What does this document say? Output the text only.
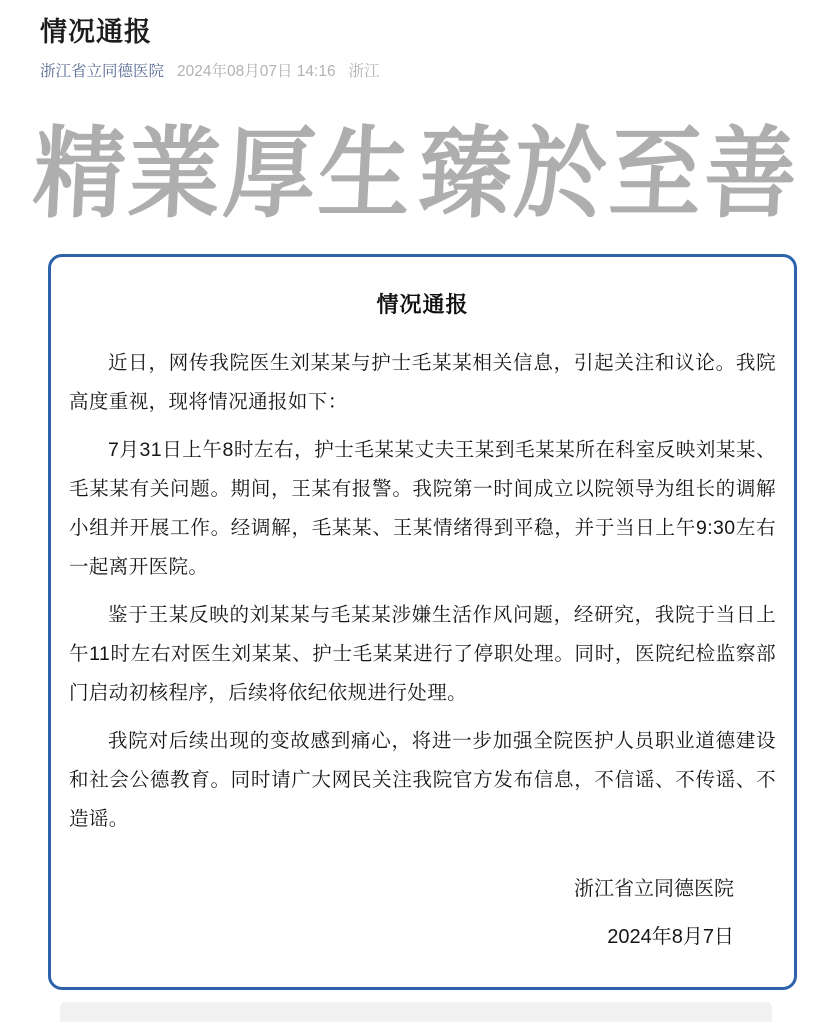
情况通报
浙江省立同德医院 2024年08月07日 14:16 浙江
精業厚生 臻於至善
情况通报

近日，网传我院医生刘某某与护士毛某某相关信息，引起关注和议论。我院高度重视，现将情况通报如下：

7月31日上午8时左右，护士毛某某丈夫王某到毛某某所在科室反映刘某某、毛某某有关问题。期间，王某有报警。我院第一时间成立以院领导为组长的调解小组并开展工作。经调解，毛某某、王某情绪得到平稳，并于当日上午9:30左右一起离开医院。

鉴于王某反映的刘某某与毛某某涉嫌生活作风问题，经研究，我院于当日上午11时左右对医生刘某某、护士毛某某进行了停职处理。同时，医院纪检监察部门启动初核程序，后续将依纪依规进行处理。

我院对后续出现的变故感到痛心，将进一步加强全院医护人员职业道德建设和社会公德教育。同时请广大网民关注我院官方发布信息，不信谣、不传谣、不造谣。

浙江省立同德医院
2024年8月7日
